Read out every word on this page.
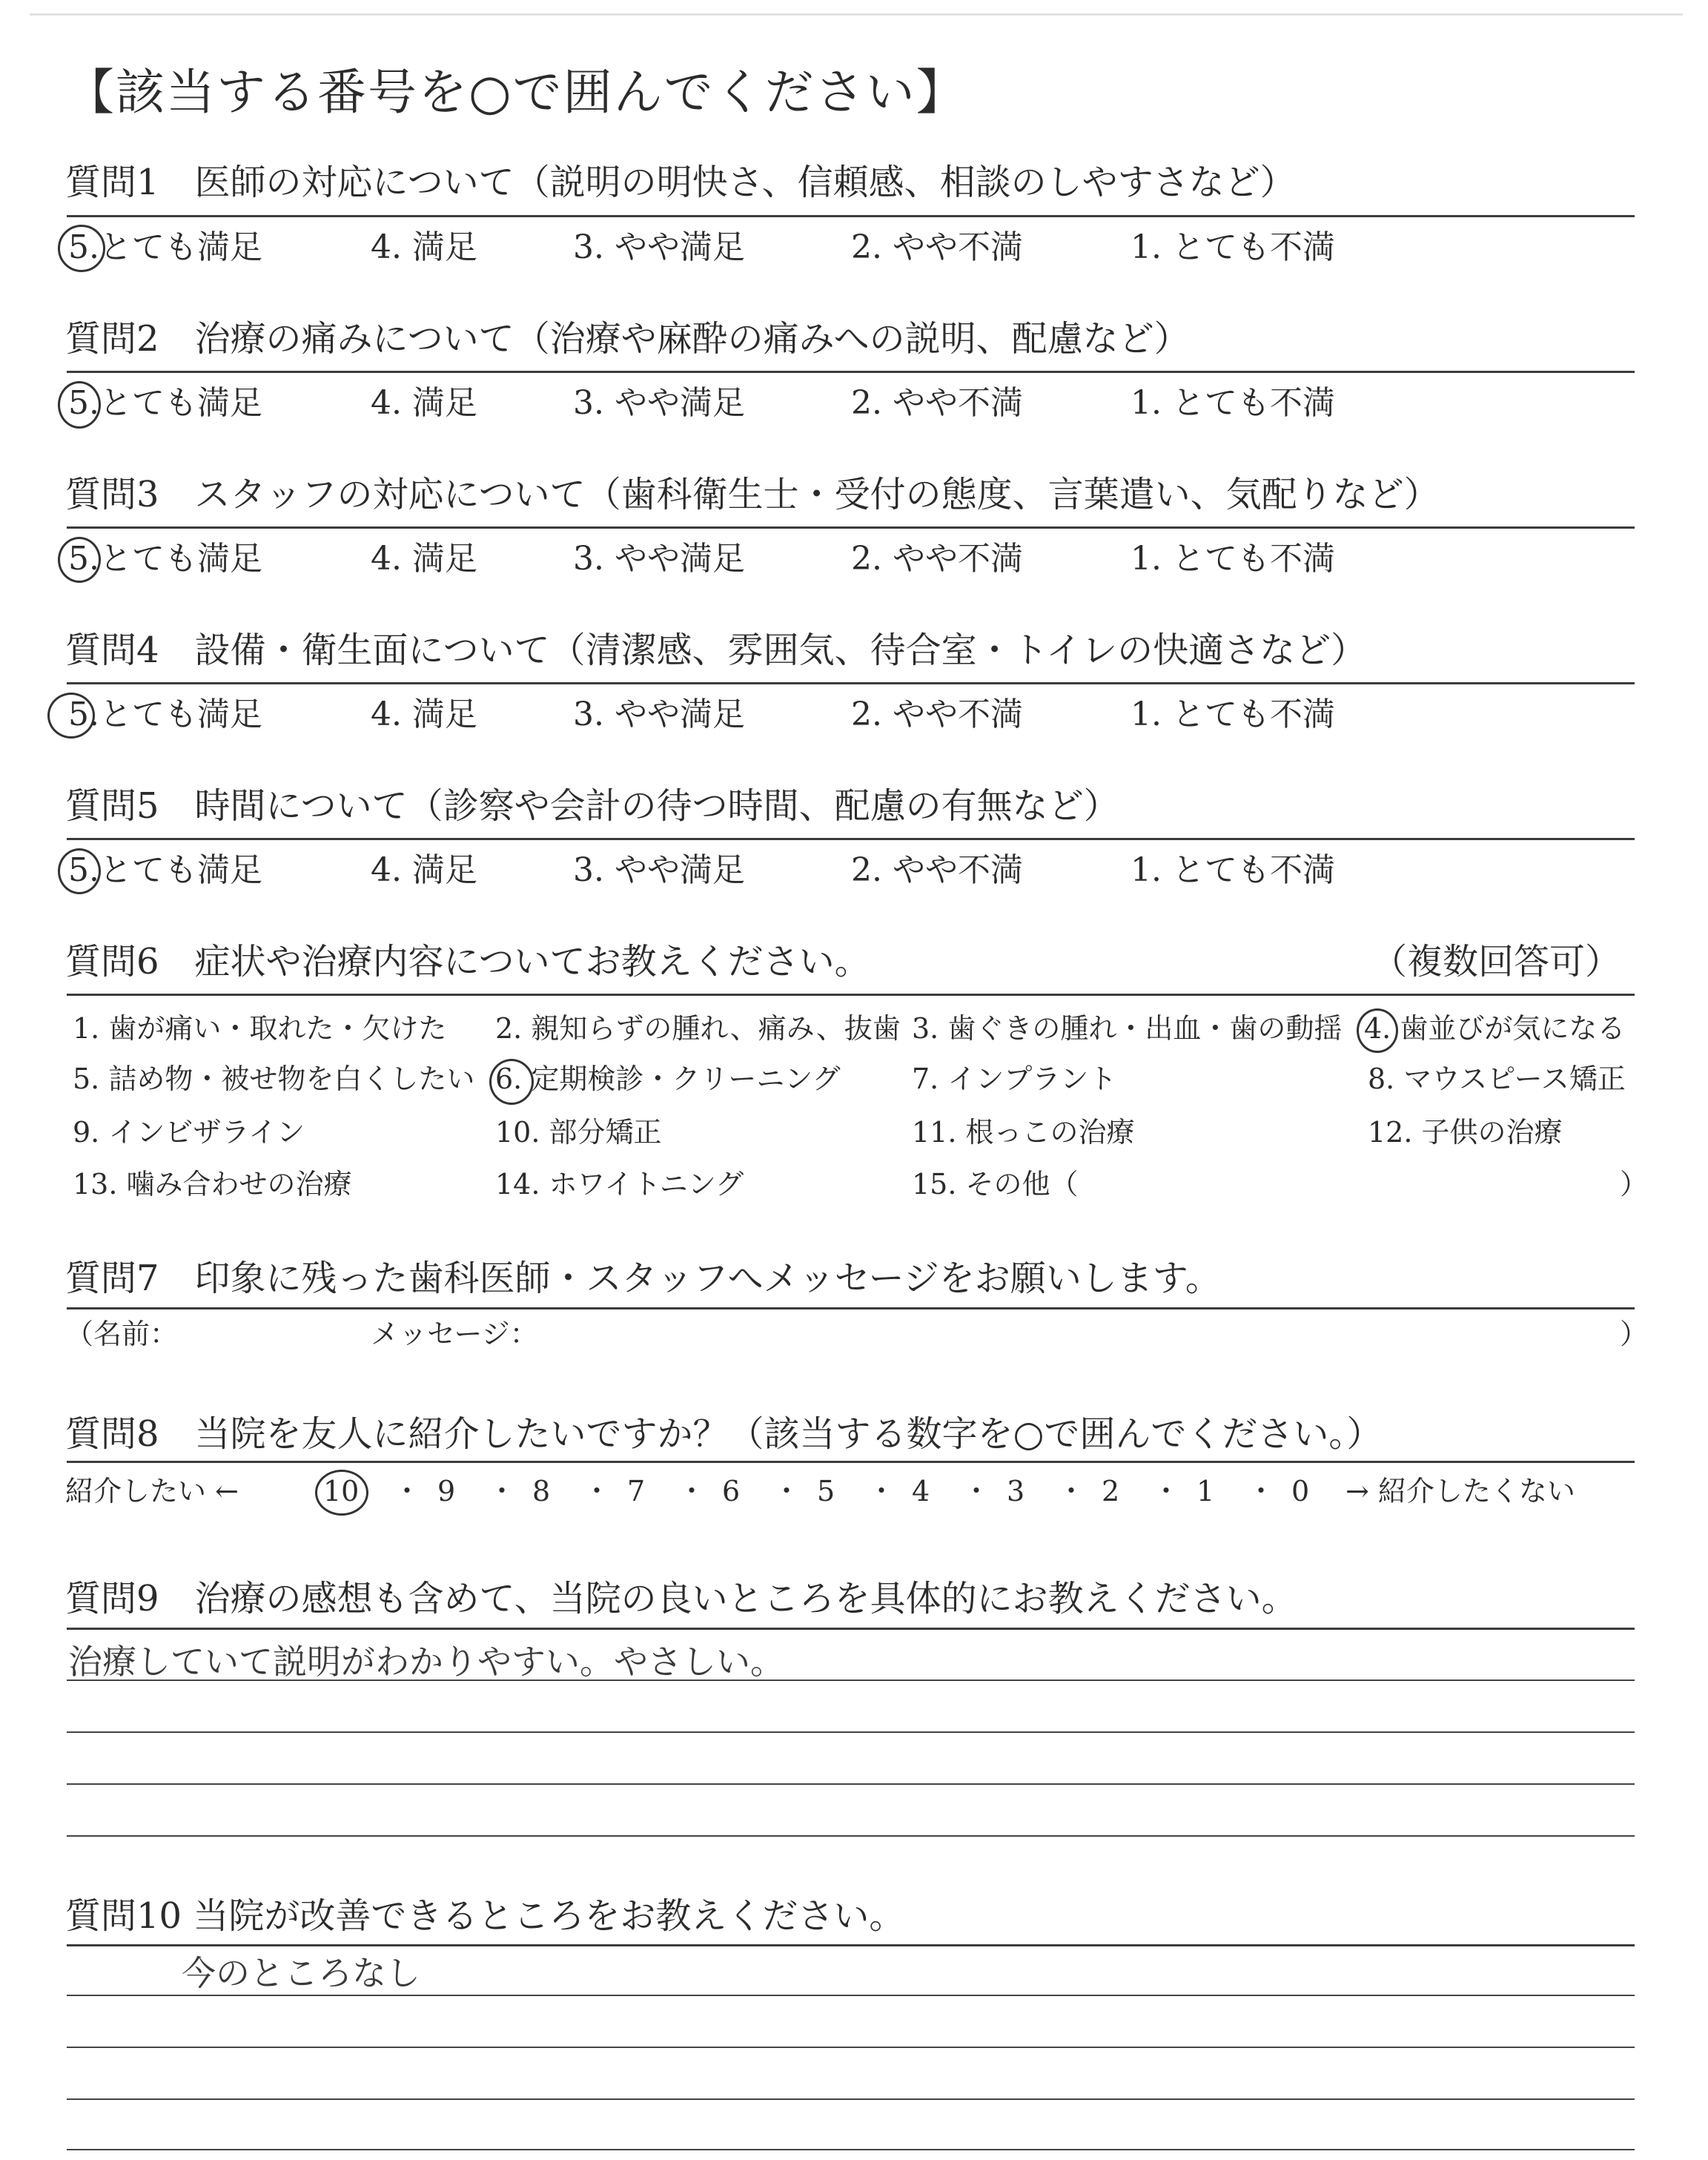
【該当する番号を○で囲んでください】
質問1　医師の対応について（説明の明快さ、信頼感、相談のしやすさなど）
5.とても満足	4. 満足	3. やや満足	2. やや不満	1. とても不満
質問2　治療の痛みについて（治療や麻酔の痛みへの説明、配慮など）
5.とても満足	4. 満足	3. やや満足	2. やや不満	1. とても不満
質問3　スタッフの対応について（歯科衛生士・受付の態度、言葉遣い、気配りなど）
5.とても満足	4. 満足	3. やや満足	2. やや不満	1. とても不満
質問4　設備・衛生面について（清潔感、雰囲気、待合室・トイレの快適さなど）
5.とても満足	4. 満足	3. やや満足	2. やや不満	1. とても不満
質問5　時間について（診察や会計の待つ時間、配慮の有無など）
5.とても満足	4. 満足	3. やや満足	2. やや不満	1. とても不満
質問6　症状や治療内容についてお教えください。	（複数回答可）
1. 歯が痛い・取れた・欠けた 2. 親知らずの腫れ、痛み、抜歯 3. 歯ぐきの腫れ・出血・歯の動揺 4. 歯並びが気になる
5. 詰め物・被せ物を白くしたい 6. 定期検診・クリーニング	7. インプラント	8. マウスピース矯正
9. インビザライン	10. 部分矯正	11. 根っこの治療	12. 子供の治療
13. 噛み合わせの治療	14. ホワイトニング	15. その他（	）
質問7　印象に残った歯科医師・スタッフへメッセージをお願いします。
（名前：	メッセージ：	）
質問8　当院を友人に紹介したいですか？（該当する数字を○で囲んでください。）
紹介したい ←	10 ・ 9 ・ 8 ・ 7 ・ 6 ・ 5 ・ 4 ・ 3 ・ 2 ・ 1 ・ 0 → 紹介したくない
質問9　治療の感想も含めて、当院の良いところを具体的にお教えください。
治療していて説明がわかりやすい。やさしい。
質問10 当院が改善できるところをお教えください。
今のところなし
